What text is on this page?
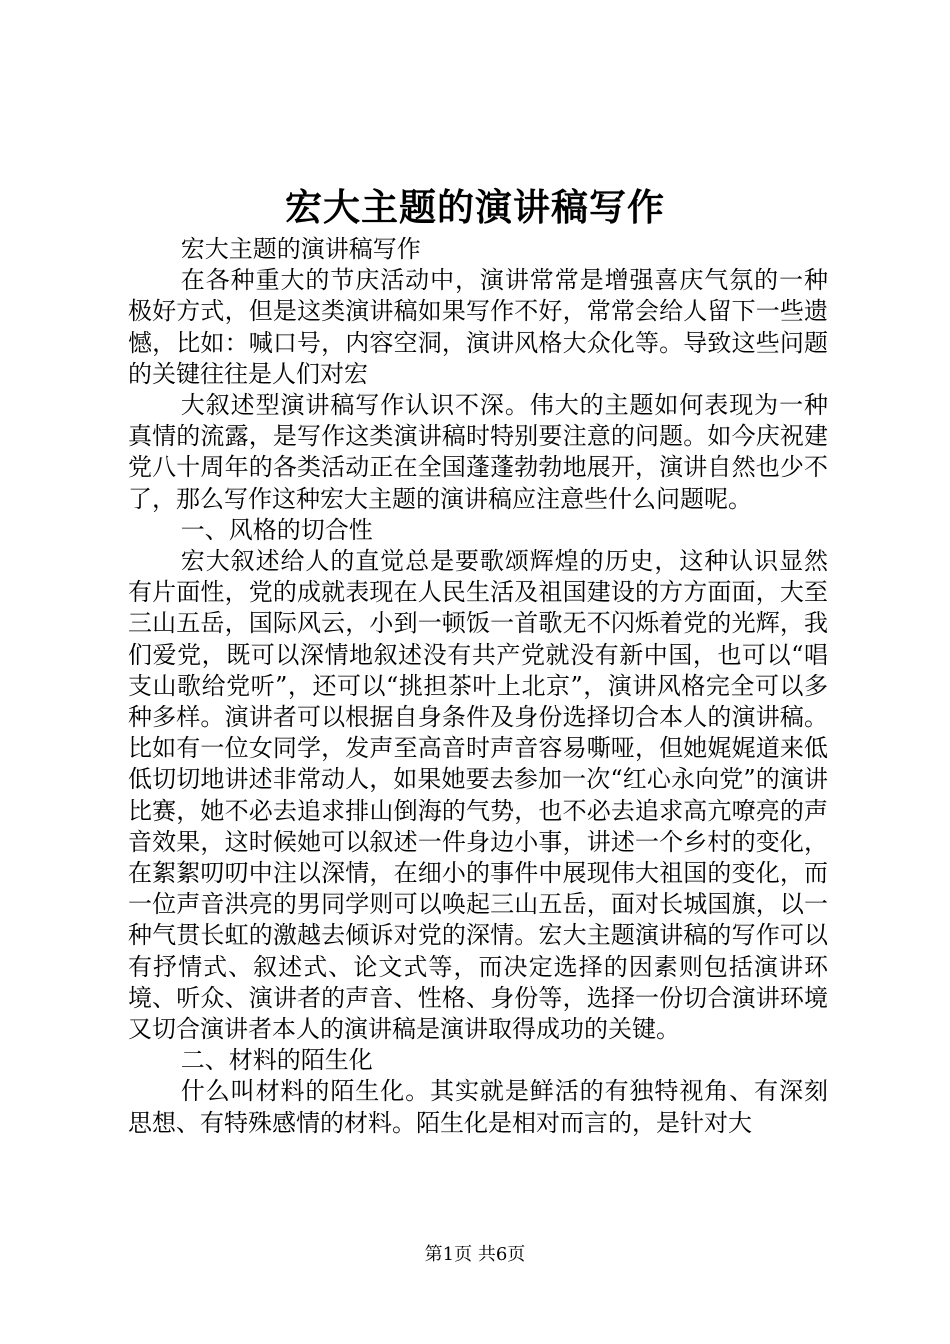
宏大主题的演讲稿写作

宏大主题的演讲稿写作

在各种重大的节庆活动中，演讲常常是增强喜庆气氛的一种极好方式，但是这类演讲稿如果写作不好，常常会给人留下一些遗憾，比如：喊口号，内容空洞，演讲风格大众化等。导致这些问题的关键往往是人们对宏

大叙述型演讲稿写作认识不深。伟大的主题如何表现为一种真情的流露，是写作这类演讲稿时特别要注意的问题。如今庆祝建党八十周年的各类活动正在全国蓬蓬勃勃地展开，演讲自然也少不了，那么写作这种宏大主题的演讲稿应注意些什么问题呢。

一、风格的切合性

宏大叙述给人的直觉总是要歌颂辉煌的历史，这种认识显然有片面性，党的成就表现在人民生活及祖国建设的方方面面，大至三山五岳，国际风云，小到一顿饭一首歌无不闪烁着党的光辉，我们爱党，既可以深情地叙述没有共产党就没有新中国，也可以“唱支山歌给党听”，还可以“挑担茶叶上北京”，演讲风格完全可以多种多样。演讲者可以根据自身条件及身份选择切合本人的演讲稿。比如有一位女同学，发声至高音时声音容易嘶哑，但她娓娓道来低低切切地讲述非常动人，如果她要去参加一次“红心永向党”的演讲比赛，她不必去追求排山倒海的气势，也不必去追求高亢嘹亮的声音效果，这时候她可以叙述一件身边小事，讲述一个乡村的变化，在絮絮叨叨中注以深情，在细小的事件中展现伟大祖国的变化，而一位声音洪亮的男同学则可以唤起三山五岳，面对长城国旗，以一种气贯长虹的激越去倾诉对党的深情。宏大主题演讲稿的写作可以有抒情式、叙述式、论文式等，而决定选择的因素则包括演讲环境、听众、演讲者的声音、性格、身份等，选择一份切合演讲环境又切合演讲者本人的演讲稿是演讲取得成功的关键。

二、材料的陌生化

什么叫材料的陌生化。其实就是鲜活的有独特视角、有深刻思想、有特殊感情的材料。陌生化是相对而言的，是针对大

第1页 共6页
